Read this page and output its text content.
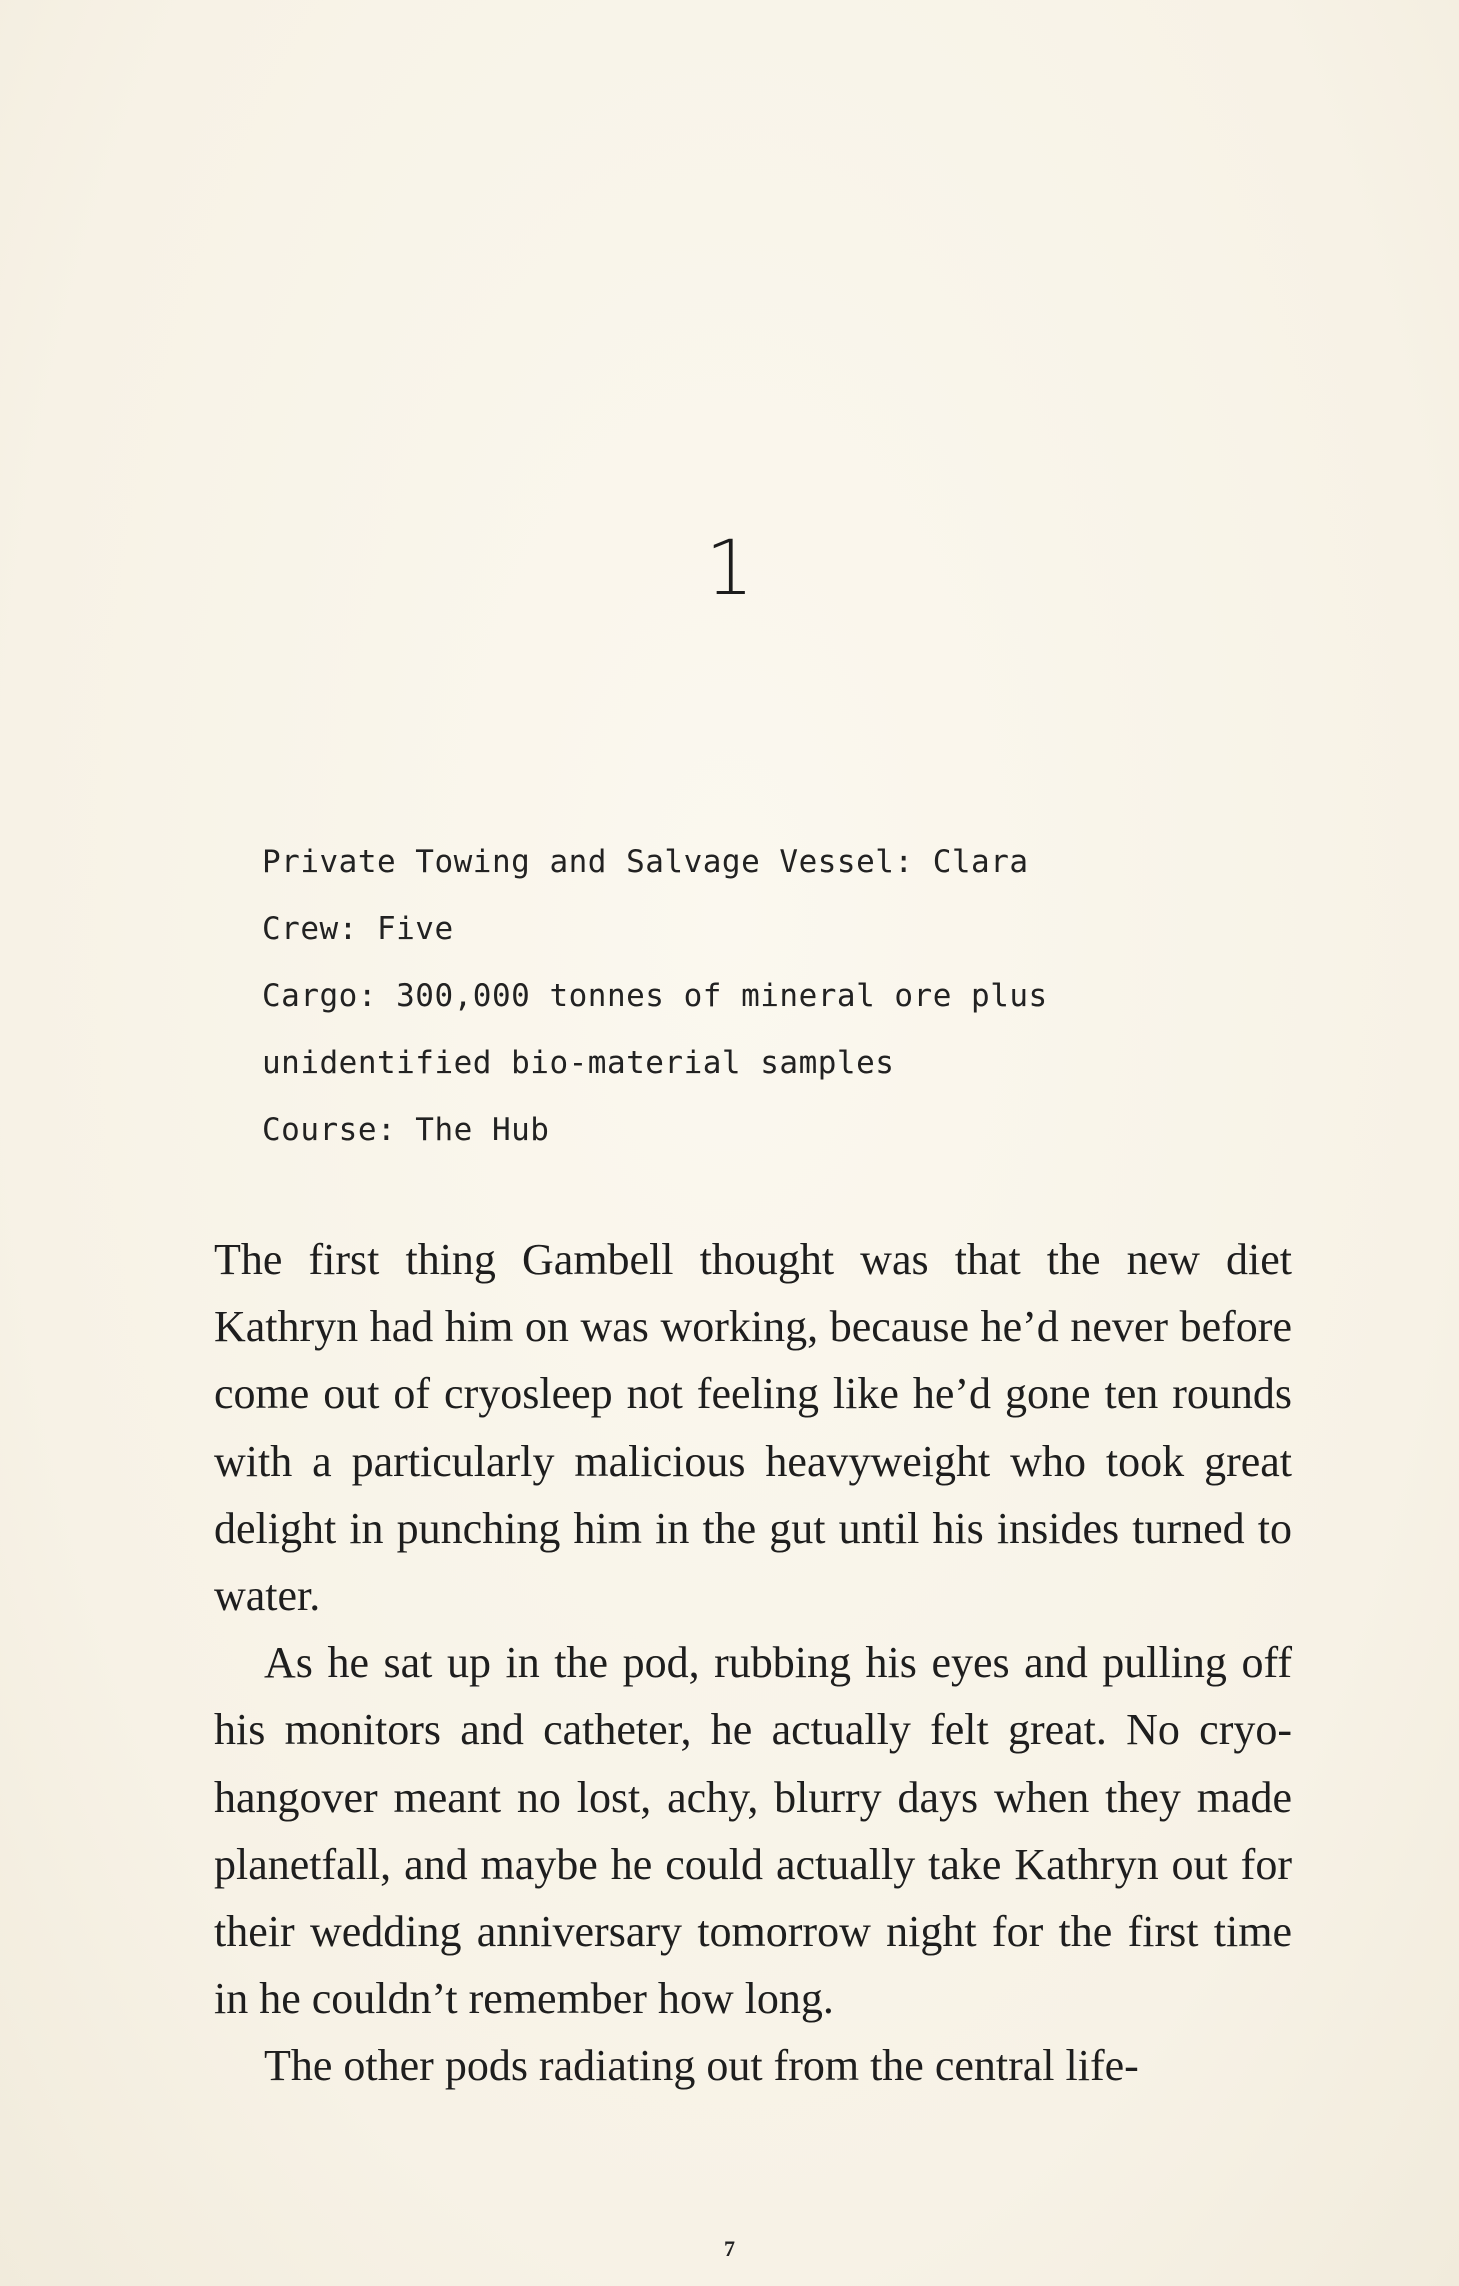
1
Private Towing and Salvage Vessel: Clara
Crew: Five
Cargo: 300,000 tonnes of mineral ore plus
unidentified bio-material samples
Course: The Hub

The first thing Gambell thought was that the new diet Kathryn had him on was working, because he’d never before come out of cryosleep not feeling like he’d gone ten rounds with a particularly malicious heavyweight who took great delight in punching him in the gut until his insides turned to water.

As he sat up in the pod, rubbing his eyes and pulling off his monitors and catheter, he actually felt great. No cryo-hangover meant no lost, achy, blurry days when they made planetfall, and maybe he could actually take Kathryn out for their wedding anniversary tomorrow night for the first time in he couldn’t remember how long.

The other pods radiating out from the central life-

7
